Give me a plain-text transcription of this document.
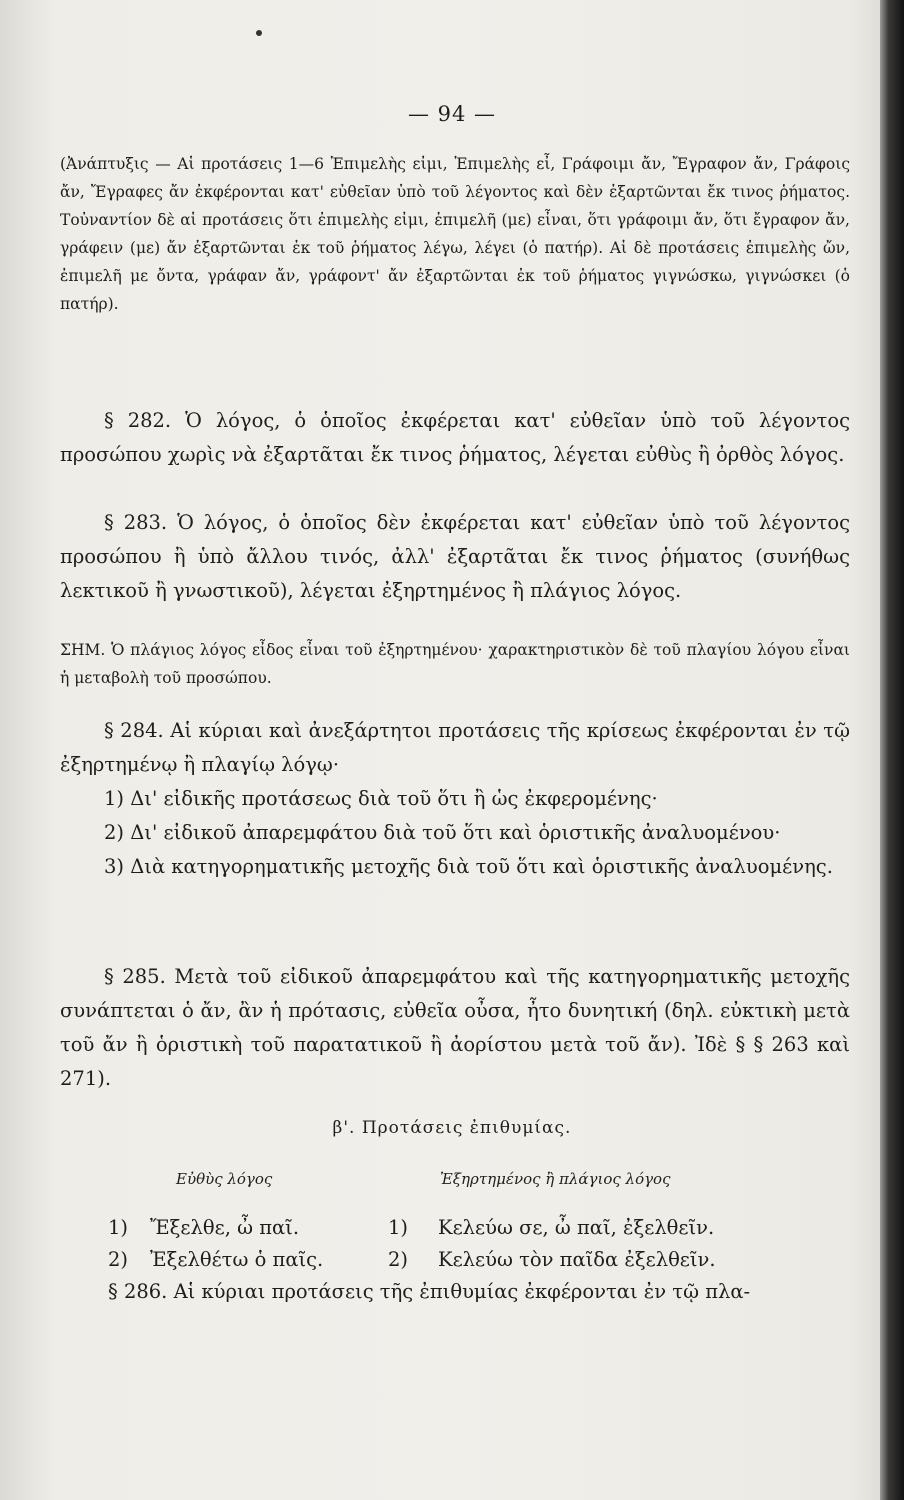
— 94 —

(Ἀνάπτυξις — Αἱ προτάσεις 1—6 Ἐπιμελὴς εἰμι, Ἐπιμελὴς εἶ, Γράφοιμι ἄν, Ἔγραφον ἄν, Γράφοις ἄν, Ἔγραφες ἄν ἐκφέρονται κατ' εὐθεῖαν ὑπὸ τοῦ λέγοντος καὶ δὲν ἐξαρτῶνται ἔκ τινος ῥήματος. Τοὐναντίον δὲ αἱ προτάσεις ὅτι ἐπιμελὴς εἰμι, ἐπιμελῆ (με) εἶναι, ὅτι γράφοιμι ἄν, ὅτι ἔγραφον ἄν, γράφειν (με) ἄν ἐξαρτῶνται ἐκ τοῦ ῥήματος λέγω, λέγει (ὁ πατήρ). Αἱ δὲ προτάσεις ἐπιμελὴς ὤν, ἐπιμελῆ με ὄντα, γράφαν ἄν, γράφοντ' ἄν ἐξαρτῶνται ἐκ τοῦ ῥήματος γιγνώσκω, γιγνώσκει (ὁ πατήρ).

§ 282. Ὁ λόγος, ὁ ὁποῖος ἐκφέρεται κατ' εὐθεῖαν ὑπὸ τοῦ λέγοντος προσώπου χωρὶς νὰ ἐξαρτᾶται ἔκ τινος ῥήματος, λέγεται εὐθὺς ἢ ὀρθὸς λόγος.

§ 283. Ὁ λόγος, ὁ ὁποῖος δὲν ἐκφέρεται κατ' εὐθεῖαν ὑπὸ τοῦ λέγοντος προσώπου ἢ ὑπὸ ἄλλου τινός, ἀλλ' ἐξαρτᾶται ἔκ τινος ῥήματος (συνήθως λεκτικοῦ ἢ γνωστικοῦ), λέγεται ἐξηρτημένος ἢ πλάγιος λόγος.

ΣΗΜ. Ὁ πλάγιος λόγος εἶδος εἶναι τοῦ ἐξηρτημένου· χαρακτηριστικὸν δὲ τοῦ πλαγίου λόγου εἶναι ἡ μεταβολὴ τοῦ προσώπου.

§ 284. Αἱ κύριαι καὶ ἀνεξάρτητοι προτάσεις τῆς κρίσεως ἐκφέρονται ἐν τῷ ἐξηρτημένῳ ἢ πλαγίῳ λόγῳ·

1) Δι' εἰδικῆς προτάσεως διὰ τοῦ ὅτι ἢ ὡς ἐκφερομένης·

2) Δι' εἰδικοῦ ἀπαρεμφάτου διὰ τοῦ ὅτι καὶ ὁριστικῆς ἀναλυομένου·

3) Διὰ κατηγορηματικῆς μετοχῆς διὰ τοῦ ὅτι καὶ ὁριστικῆς ἀναλυομένης.

§ 285. Μετὰ τοῦ εἰδικοῦ ἀπαρεμφάτου καὶ τῆς κατηγορηματικῆς μετοχῆς συνάπτεται ὁ ἄν, ἂν ἡ πρότασις, εὐθεῖα οὖσα, ἦτο δυνητική (δηλ. εὐκτικὴ μετὰ τοῦ ἄν ἢ ὁριστικὴ τοῦ παρατατικοῦ ἢ ἀορίστου μετὰ τοῦ ἄν). Ἰδὲ § § 263 καὶ 271).

β'. Προτάσεις ἐπιθυμίας.
Εὐθὺς λόγος	Ἐξηρτημένος ἢ πλάγιος λόγος
1) Ἔξελθε, ὦ παῖ.	1) Κελεύω σε, ὦ παῖ, ἐξελθεῖν.
2) Ἐξελθέτω ὁ παῖς.	2) Κελεύω τὸν παῖδα ἐξελθεῖν.
§ 286. Αἱ κύριαι προτάσεις τῆς ἐπιθυμίας ἐκφέρονται ἐν τῷ πλα-
